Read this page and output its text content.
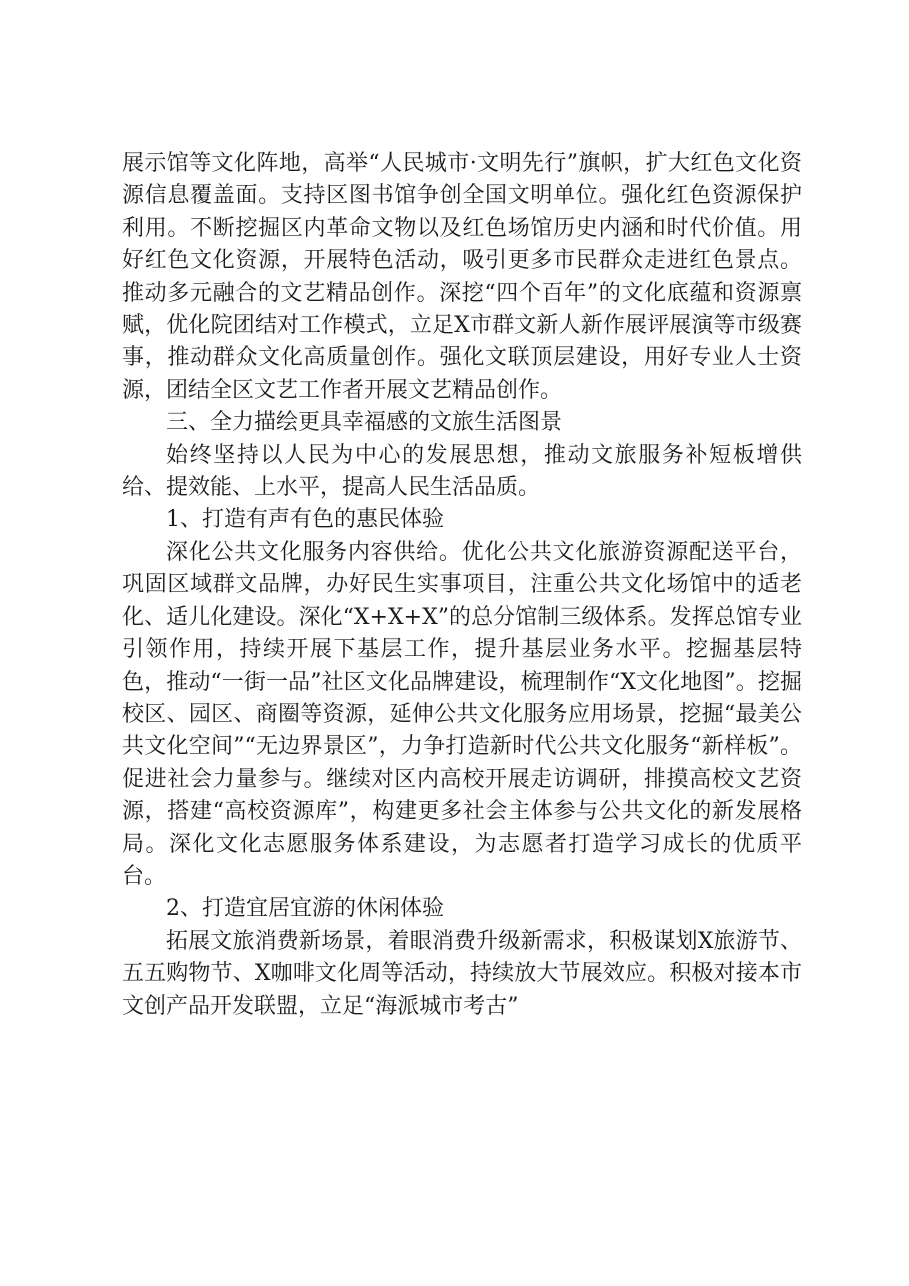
展示馆等文化阵地，高举“人民城市·文明先行”旗帜，扩大红色文化资源信息覆盖面。支持区图书馆争创全国文明单位。强化红色资源保护利用。不断挖掘区内革命文物以及红色场馆历史内涵和时代价值。用好红色文化资源，开展特色活动，吸引更多市民群众走进红色景点。推动多元融合的文艺精品创作。深挖“四个百年”的文化底蕴和资源禀赋，优化院团结对工作模式，立足X市群文新人新作展评展演等市级赛事，推动群众文化高质量创作。强化文联顶层建设，用好专业人士资源，团结全区文艺工作者开展文艺精品创作。

三、全力描绘更具幸福感的文旅生活图景

始终坚持以人民为中心的发展思想，推动文旅服务补短板增供给、提效能、上水平，提高人民生活品质。

1、打造有声有色的惠民体验

深化公共文化服务内容供给。优化公共文化旅游资源配送平台，巩固区域群文品牌，办好民生实事项目，注重公共文化场馆中的适老化、适儿化建设。深化“X+X+X”的总分馆制三级体系。发挥总馆专业引领作用，持续开展下基层工作，提升基层业务水平。挖掘基层特色，推动“一街一品”社区文化品牌建设，梳理制作“X文化地图”。挖掘校区、园区、商圈等资源，延伸公共文化服务应用场景，挖掘“最美公共文化空间”“无边界景区”，力争打造新时代公共文化服务“新样板”。促进社会力量参与。继续对区内高校开展走访调研，排摸高校文艺资源，搭建“高校资源库”，构建更多社会主体参与公共文化的新发展格局。深化文化志愿服务体系建设，为志愿者打造学习成长的优质平台。

2、打造宜居宜游的休闲体验

拓展文旅消费新场景，着眼消费升级新需求，积极谋划X旅游节、五五购物节、X咖啡文化周等活动，持续放大节展效应。积极对接本市文创产品开发联盟，立足“海派城市考古”
